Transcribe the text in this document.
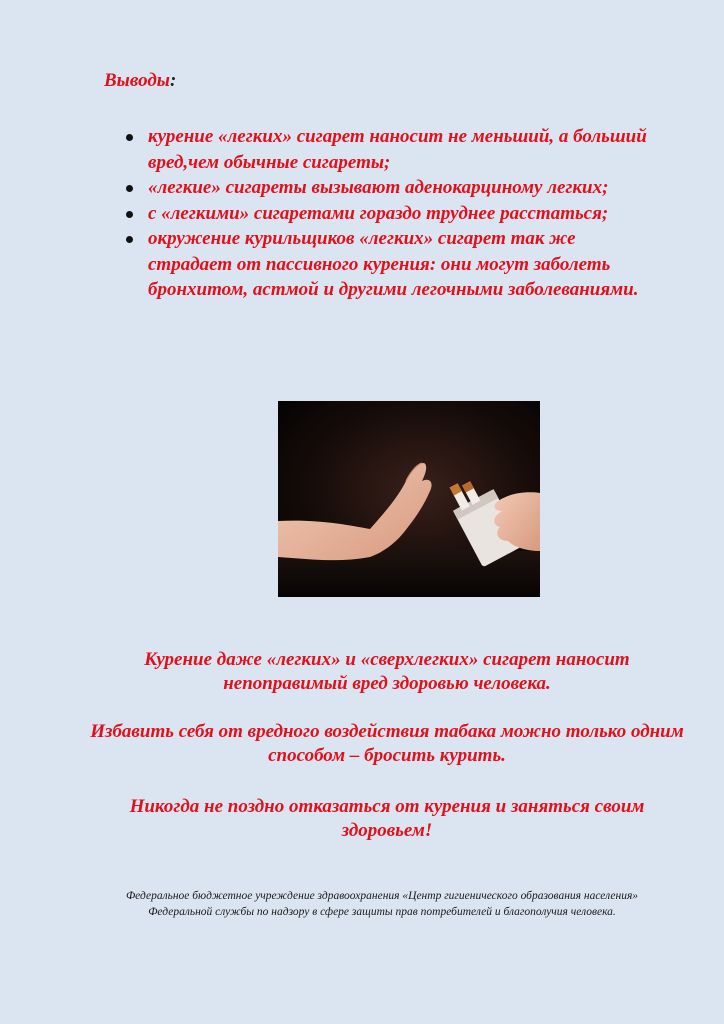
Выводы:
курение «легких» сигарет наносит не меньший, а больший вред,чем обычные сигареты;
«легкие» сигареты вызывают аденокарциному легких;
с «легкими» сигаретами гораздо труднее расстаться;
окружение курильщиков «легких» сигарет так же страдает от пассивного курения: они могут заболеть бронхитом, астмой и другими легочными заболеваниями.

Курение даже «легких» и «сверхлегких» сигарет наносит непоправимый вред здоровью человека.

Избавить себя от вредного воздействия табака можно только одним способом – бросить курить.

Никогда не поздно отказаться от курения и заняться своим здоровьем!

Федеральное бюджетное учреждение здравоохранения «Центр гигиенического образования населения» Федеральной службы по надзору в сфере защиты прав потребителей и благополучия человека.
